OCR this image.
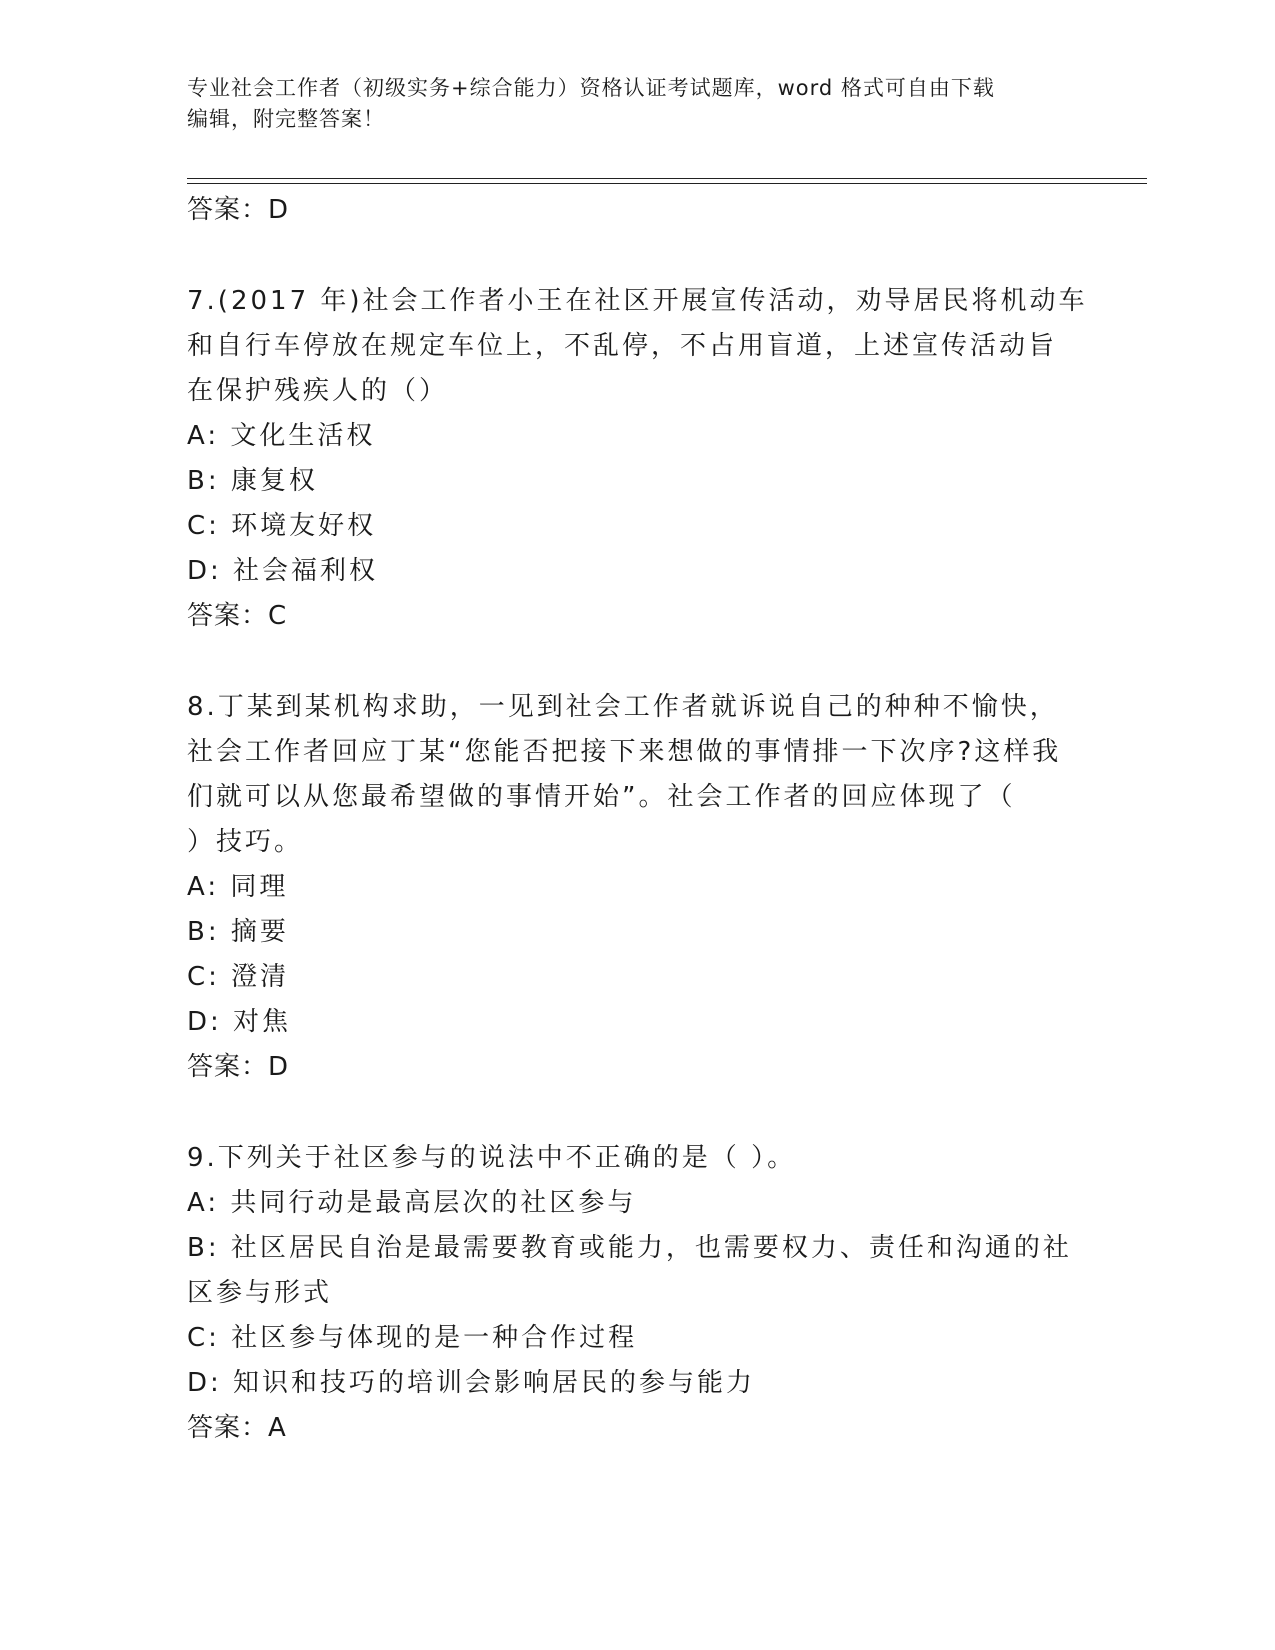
专业社会工作者（初级实务+综合能力）资格认证考试题库，word 格式可自由下载
编辑，附完整答案！
答案：D
7.(2017 年)社会工作者小王在社区开展宣传活动，劝导居民将机动车
和自行车停放在规定车位上，不乱停，不占用盲道，上述宣传活动旨
在保护残疾人的（）
A: 文化生活权
B: 康复权
C: 环境友好权
D: 社会福利权
答案：C
8.丁某到某机构求助，一见到社会工作者就诉说自己的种种不愉快，
社会工作者回应丁某“您能否把接下来想做的事情排一下次序?这样我
们就可以从您最希望做的事情开始”。社会工作者的回应体现了（
）技巧。
A: 同理
B: 摘要
C: 澄清
D: 对焦
答案：D
9.下列关于社区参与的说法中不正确的是（ ）。
A: 共同行动是最高层次的社区参与
B: 社区居民自治是最需要教育或能力，也需要权力、责任和沟通的社
区参与形式
C: 社区参与体现的是一种合作过程
D: 知识和技巧的培训会影响居民的参与能力
答案：A
